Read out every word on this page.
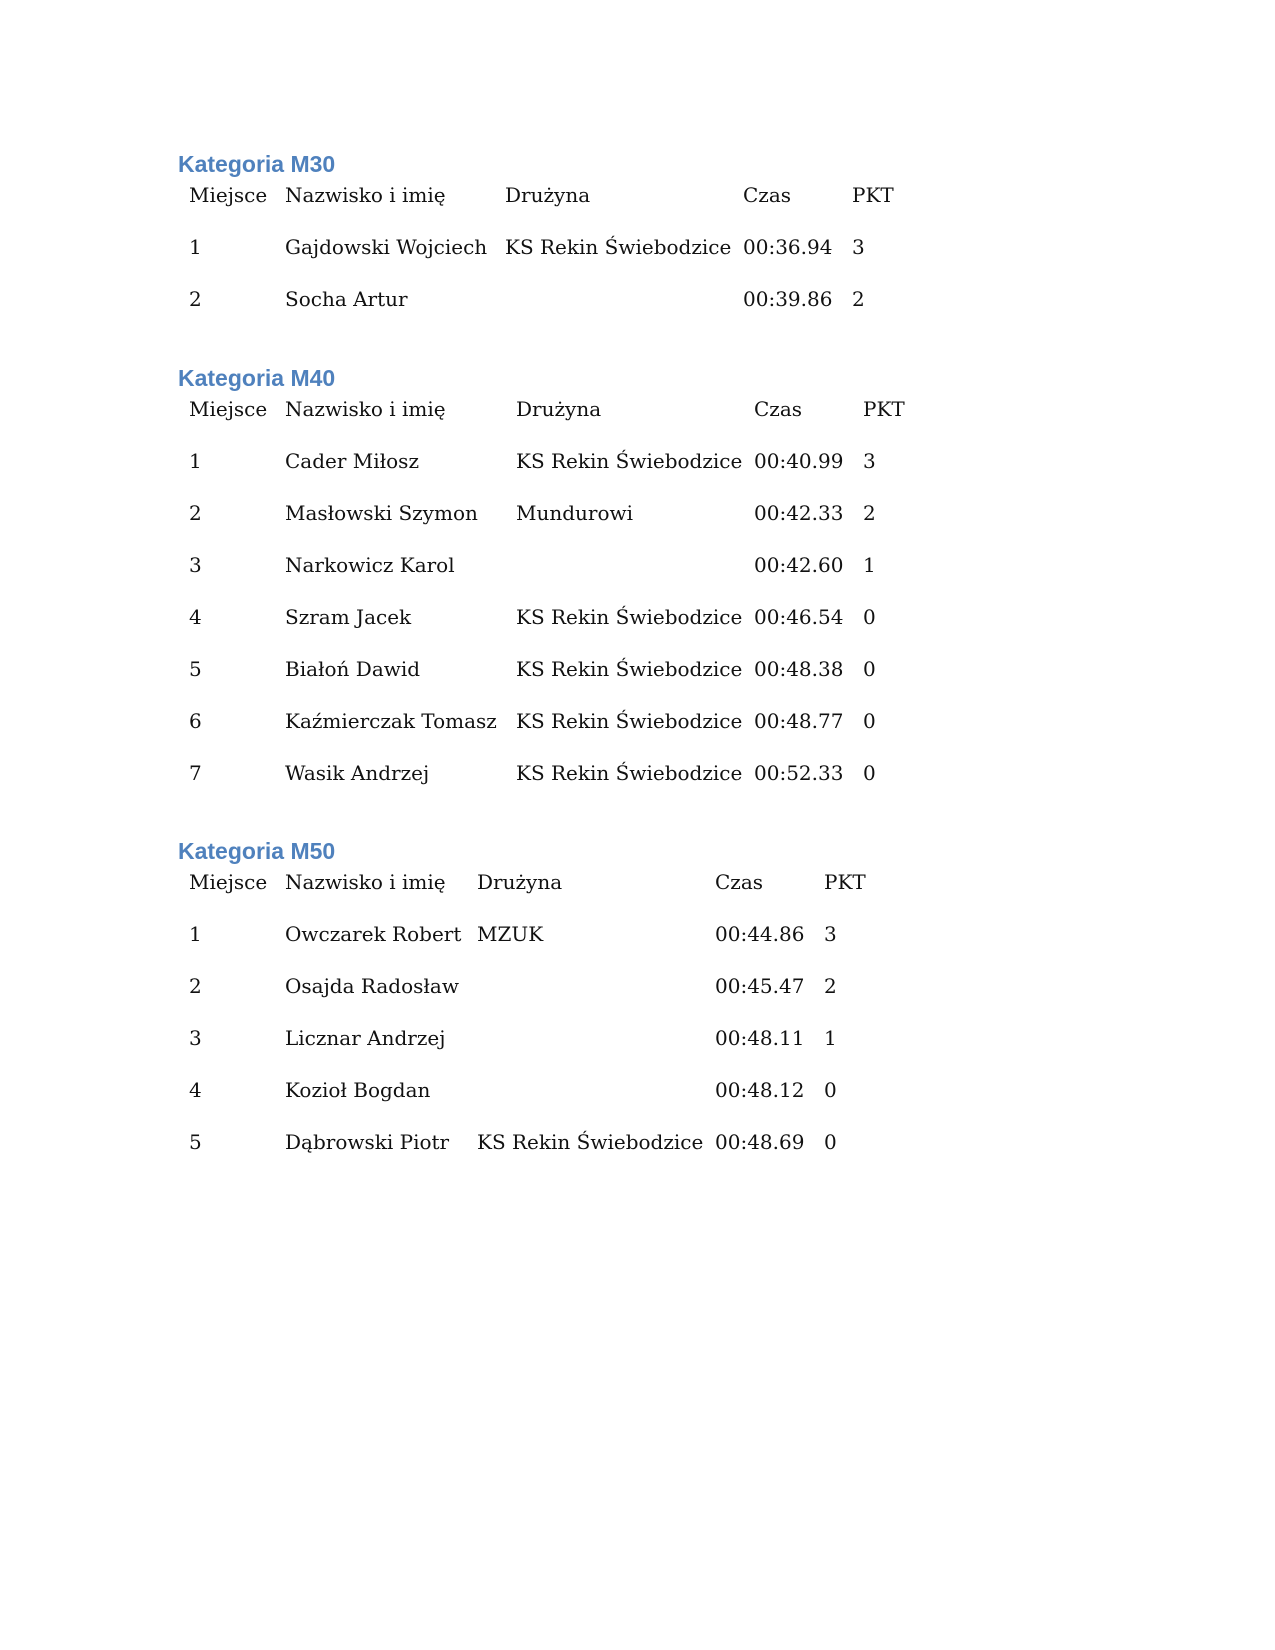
Kategoria M30
Miejsce	Nazwisko i imię	Drużyna	Czas	PKT
1	Gajdowski Wojciech	KS Rekin Świebodzice	00:36.94	3
2	Socha Artur		00:39.86	2
Kategoria M40
Miejsce	Nazwisko i imię	Drużyna	Czas	PKT
1	Cader Miłosz	KS Rekin Świebodzice	00:40.99	3
2	Masłowski Szymon	Mundurowi	00:42.33	2
3	Narkowicz Karol		00:42.60	1
4	Szram Jacek	KS Rekin Świebodzice	00:46.54	0
5	Białoń Dawid	KS Rekin Świebodzice	00:48.38	0
6	Kaźmierczak Tomasz	KS Rekin Świebodzice	00:48.77	0
7	Wasik Andrzej	KS Rekin Świebodzice	00:52.33	0
Kategoria M50
Miejsce	Nazwisko i imię	Drużyna	Czas	PKT
1	Owczarek Robert	MZUK	00:44.86	3
2	Osajda Radosław		00:45.47	2
3	Licznar Andrzej		00:48.11	1
4	Kozioł Bogdan		00:48.12	0
5	Dąbrowski Piotr	KS Rekin Świebodzice	00:48.69	0
